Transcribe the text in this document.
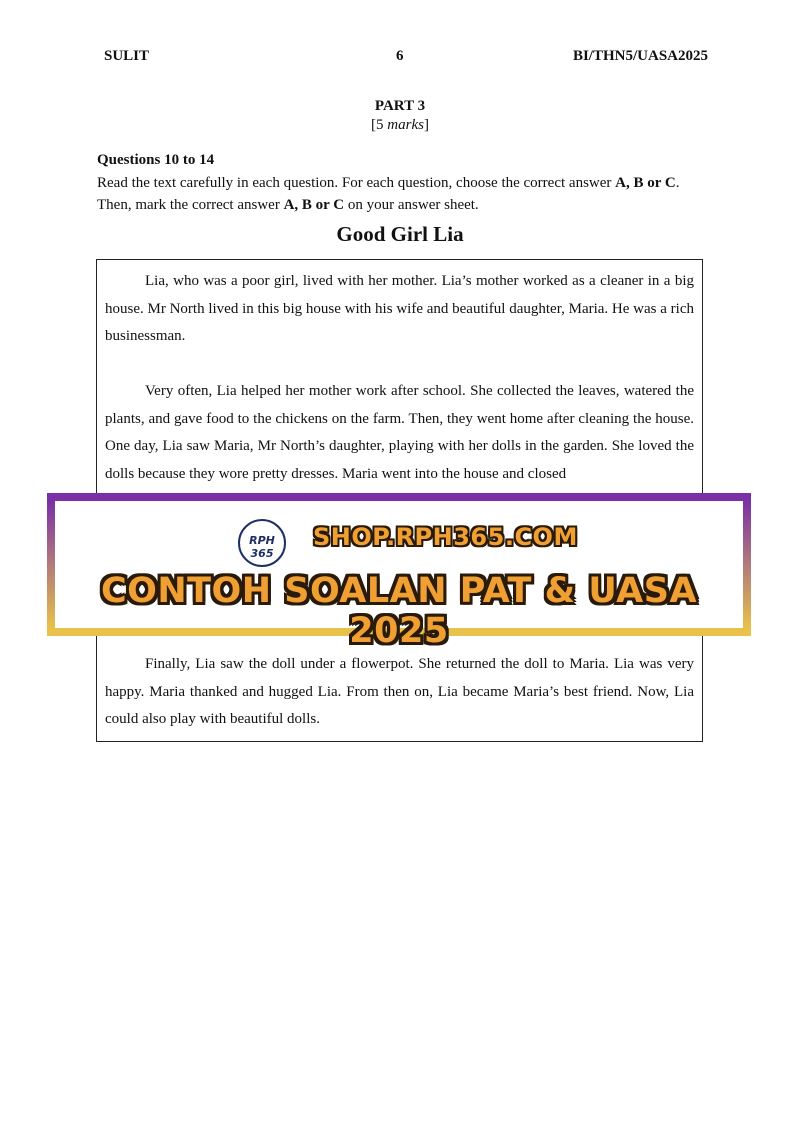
SULIT	6	BI/THN5/UASA2025
PART 3
[5 marks]
Questions 10 to 14
Read the text carefully in each question. For each question, choose the correct answer A, B or C. Then, mark the correct answer A, B or C on your answer sheet.
Good Girl Lia

Lia, who was a poor girl, lived with her mother. Lia’s mother worked as a cleaner in a big house. Mr North lived in this big house with his wife and beautiful daughter, Maria. He was a rich businessman.

Very often, Lia helped her mother work after school. She collected the leaves, watered the plants, and gave food to the chickens on the farm. Then, they went home after cleaning the house. One day, Lia saw Maria, Mr North’s daughter, playing with her dolls in the garden. She loved the dolls because they wore pretty dresses. Maria went into the house and closed

Finally, Lia saw the doll under a flowerpot. She returned the doll to Maria. Lia was very happy. Maria thanked and hugged Lia. From then on, Lia became Maria’s best friend. Now, Lia could also play with beautiful dolls.

RPH 365
SHOP.RPH365.COM
CONTOH SOALAN PAT & UASA 2025
